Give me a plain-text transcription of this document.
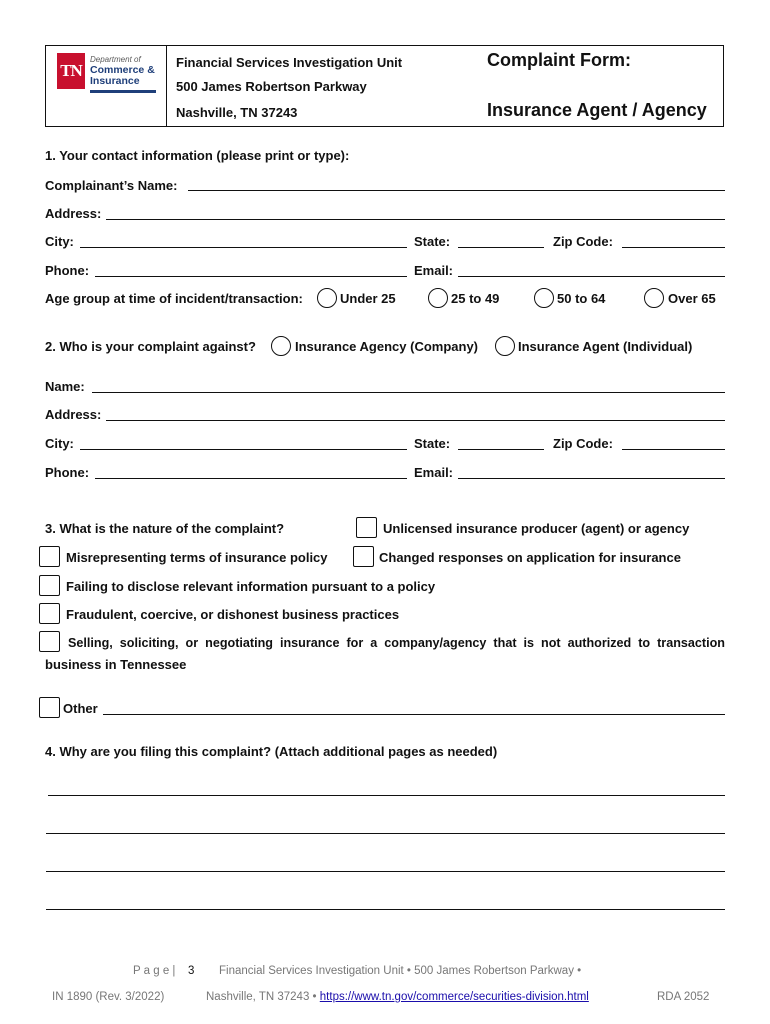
TN
Department of
Commerce &
Insurance
Financial Services Investigation Unit
500 James Robertson Parkway
Nashville, TN 37243
Complaint Form:
Insurance Agent / Agency
1. Your contact information (please print or type):
Complainant’s Name:
Address:
City:	State:	Zip Code:
Phone:	Email:
Age group at time of incident/transaction:	Under 25	25 to 49	50 to 64	Over 65
2. Who is your complaint against?	Insurance Agency (Company)	Insurance Agent (Individual)
Name:
Address:
City:	State:	Zip Code:
Phone:	Email:
3. What is the nature of the complaint?	Unlicensed insurance producer (agent) or agency
Misrepresenting terms of insurance policy	Changed responses on application for insurance
Failing to disclose relevant information pursuant to a policy
Fraudulent, coercive, or dishonest business practices
Selling, soliciting, or negotiating insurance for a company/agency that is not authorized to transaction
business in Tennessee
Other
4. Why are you filing this complaint? (Attach additional pages as needed)
P a g e | 3 Financial Services Investigation Unit • 500 James Robertson Parkway •
IN 1890 (Rev. 3/2022)	Nashville, TN 37243 • https://www.tn.gov/commerce/securities-division.html	RDA 2052
